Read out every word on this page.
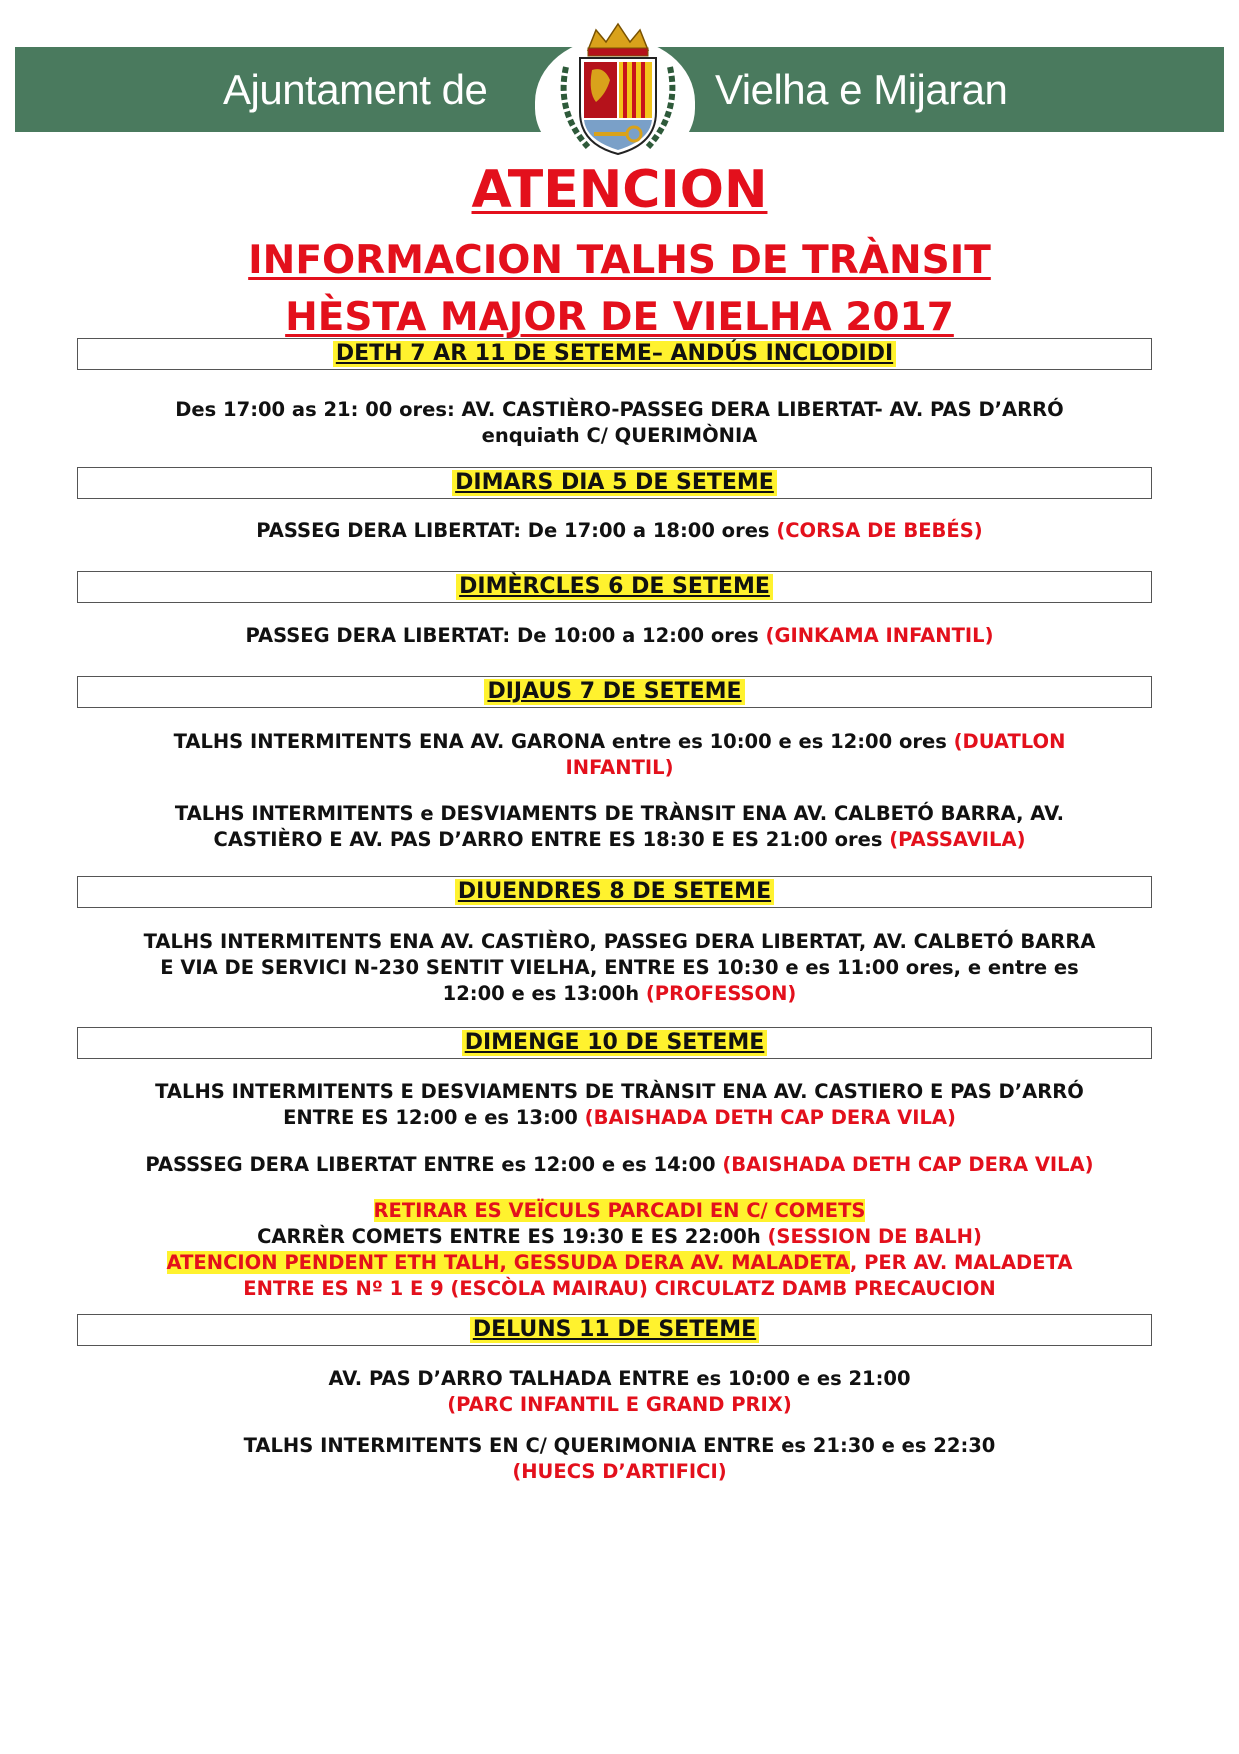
Ajuntament de	Vielha e Mijaran
ATENCION
INFORMACION TALHS DE TRÀNSIT
HÈSTA MAJOR DE VIELHA 2017
DETH 7 AR 11 DE SETEME– ANDÚS INCLODIDI
Des 17:00 as 21: 00 ores: AV. CASTIÈRO-PASSEG DERA LIBERTAT- AV. PAS D’ARRÓ
enquiath C/ QUERIMÒNIA
DIMARS DIA 5 DE SETEME
PASSEG DERA LIBERTAT: De 17:00 a 18:00 ores (CORSA DE BEBÉS)
DIMÈRCLES 6 DE SETEME
PASSEG DERA LIBERTAT: De 10:00 a 12:00 ores (GINKAMA INFANTIL)
DIJAUS 7 DE SETEME
TALHS INTERMITENTS ENA AV. GARONA entre es 10:00 e es 12:00 ores (DUATLON
INFANTIL)
TALHS INTERMITENTS e DESVIAMENTS DE TRÀNSIT ENA AV. CALBETÓ BARRA, AV.
CASTIÈRO E AV. PAS D’ARRO ENTRE ES 18:30 E ES 21:00 ores (PASSAVILA)
DIUENDRES 8 DE SETEME
TALHS INTERMITENTS ENA AV. CASTIÈRO, PASSEG DERA LIBERTAT, AV. CALBETÓ BARRA
E VIA DE SERVICI N-230 SENTIT VIELHA, ENTRE ES 10:30 e es 11:00 ores, e entre es
12:00 e es 13:00h (PROFESSON)
DIMENGE 10 DE SETEME
TALHS INTERMITENTS E DESVIAMENTS DE TRÀNSIT ENA AV. CASTIERO E PAS D’ARRÓ
ENTRE ES 12:00 e es 13:00 (BAISHADA DETH CAP DERA VILA)
PASSSEG DERA LIBERTAT ENTRE es 12:00 e es 14:00 (BAISHADA DETH CAP DERA VILA)
RETIRAR ES VEÏCULS PARCADI EN C/ COMETS
CARRÈR COMETS ENTRE ES 19:30 E ES 22:00h (SESSION DE BALH)
ATENCION PENDENT ETH TALH, GESSUDA DERA AV. MALADETA, PER AV. MALADETA
ENTRE ES Nº 1 E 9 (ESCÒLA MAIRAU) CIRCULATZ DAMB PRECAUCION
DELUNS 11 DE SETEME
AV. PAS D’ARRO TALHADA ENTRE es 10:00 e es 21:00
(PARC INFANTIL E GRAND PRIX)
TALHS INTERMITENTS EN C/ QUERIMONIA ENTRE es 21:30 e es 22:30
(HUECS D’ARTIFICI)
